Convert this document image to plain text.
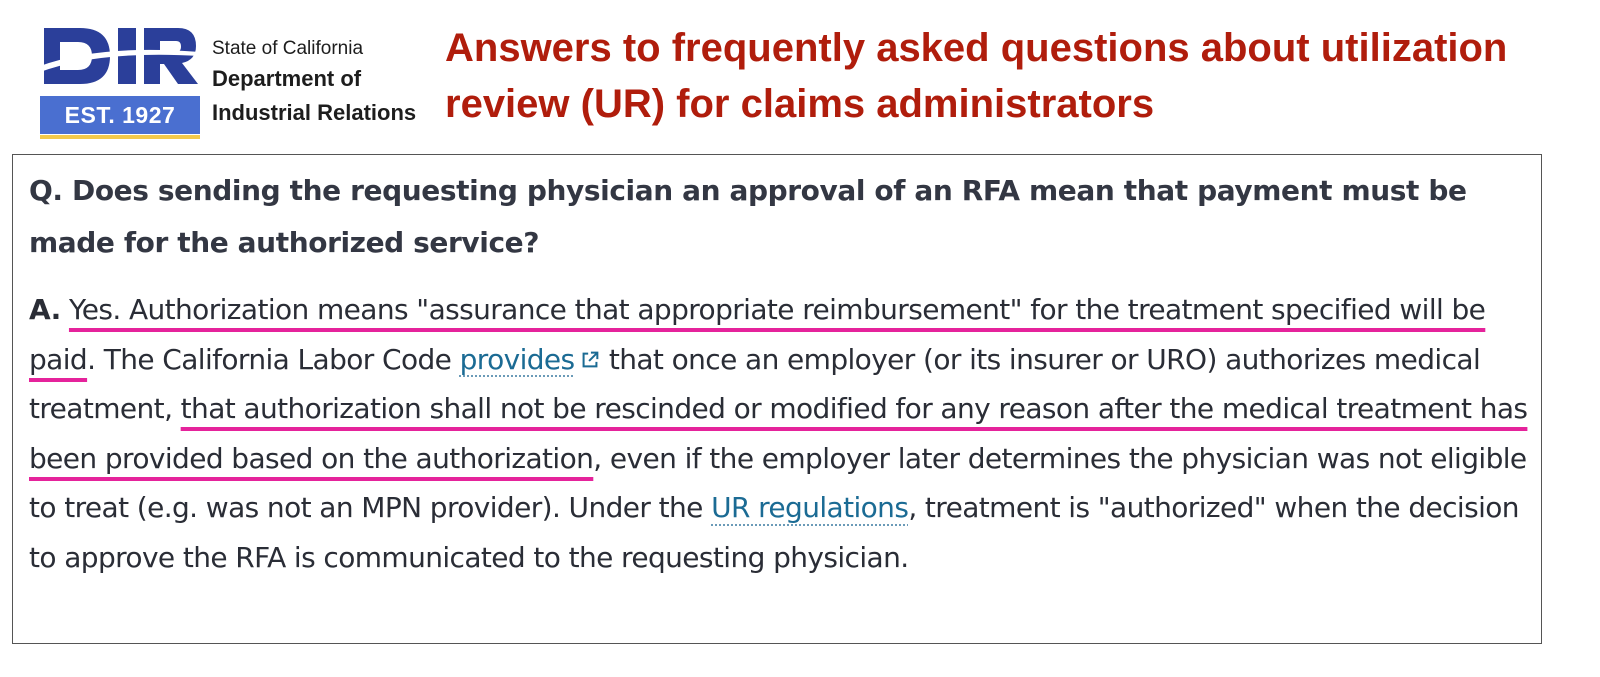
EST. 1927
State of California
Department of
Industrial Relations
Answers to frequently asked questions about utilization review (UR) for claims administrators

Q. Does sending the requesting physician an approval of an RFA mean that payment must be made for the authorized service?

A. Yes. Authorization means "assurance that appropriate reimbursement" for the treatment specified will be paid. The California Labor Code provides that once an employer (or its insurer or URO) authorizes medical treatment, that authorization shall not be rescinded or modified for any reason after the medical treatment has been provided based on the authorization, even if the employer later determines the physician was not eligible to treat (e.g. was not an MPN provider). Under the UR regulations, treatment is "authorized" when the decision to approve the RFA is communicated to the requesting physician.
